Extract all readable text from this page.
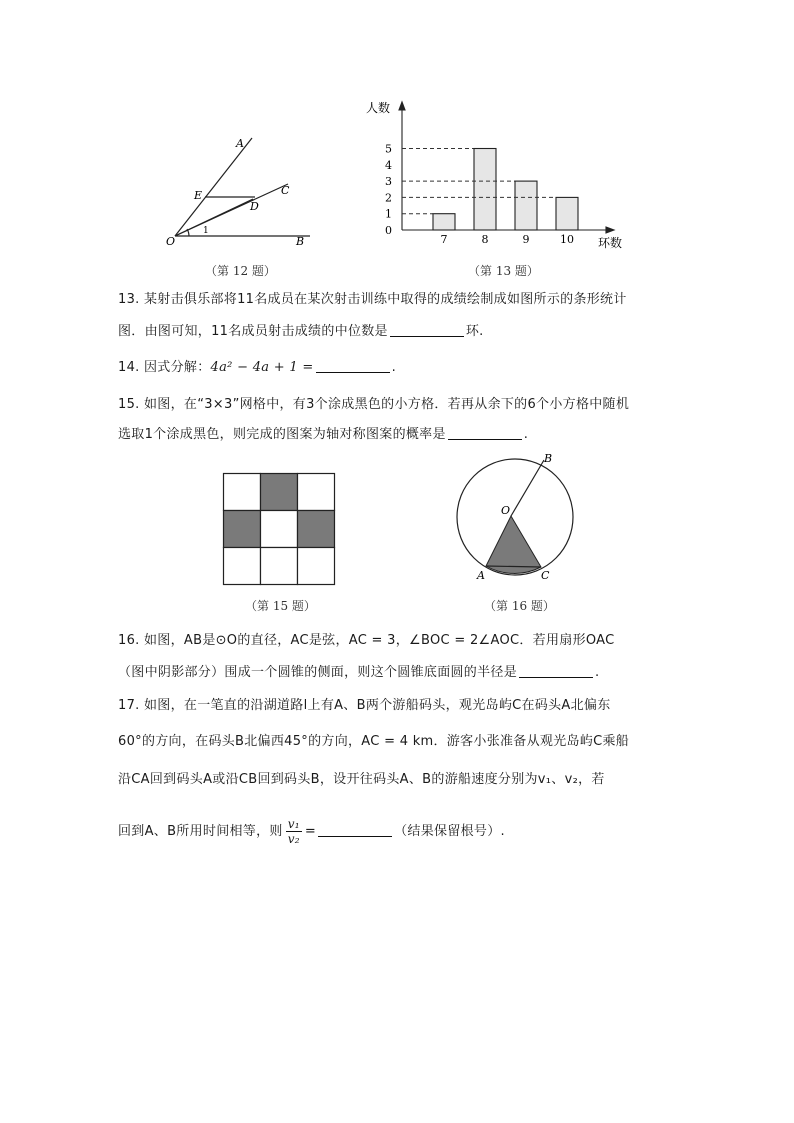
A
C
E
D
O	B
1
（第 12 题）
人数
环数
0
1
2
3
4
5
7	8	9	10
（第 13 题）
13. 某射击俱乐部将11名成员在某次射击训练中取得的成绩绘制成如图所示的条形统计
图．由图可知，11名成员射击成绩的中位数是	环.
14. 因式分解：4a² − 4a + 1 =	.
15. 如图，在“3×3”网格中，有3个涂成黑色的小方格．若再从余下的6个小方格中随机
选取1个涂成黑色，则完成的图案为轴对称图案的概率是	.
（第 15 题）
B
O
A	C
（第 16 题）
16. 如图，AB是⊙O的直径，AC是弦，AC = 3，∠BOC = 2∠AOC．若用扇形OAC
（图中阴影部分）围成一个圆锥的侧面，则这个圆锥底面圆的半径是	.
17. 如图，在一笔直的沿湖道路l上有A、B两个游船码头，观光岛屿C在码头A北偏东
60°的方向，在码头B北偏西45°的方向，AC = 4 km．游客小张准备从观光岛屿C乘船
沿CA回到码头A或沿CB回到码头B，设开往码头A、B的游船速度分别为v₁、v₂，若
回到A、B所用时间相等，则 $\frac{\text{v₁}}{\text{v₂}}$ =	（结果保留根号）.
